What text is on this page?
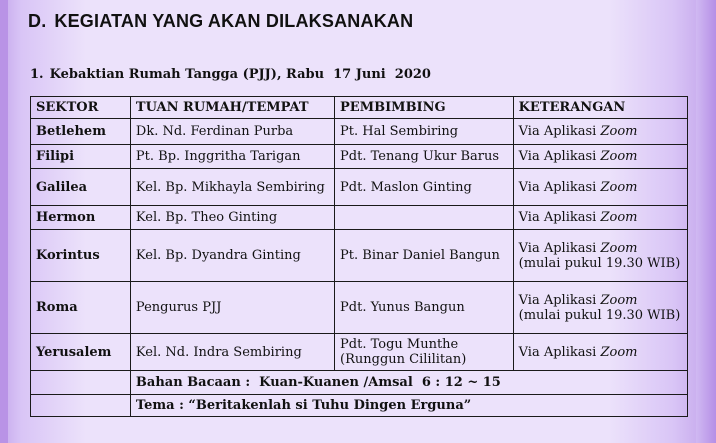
D. KEGIATAN YANG AKAN DILAKSANAKAN
1. Kebaktian Rumah Tangga (PJJ), Rabu  17 Juni  2020
SEKTOR	TUAN RUMAH/TEMPAT	PEMBIMBING	KETERANGAN
Betlehem	Dk. Nd. Ferdinan Purba	Pt. Hal Sembiring	Via Aplikasi Zoom
Filipi	Pt. Bp. Inggritha Tarigan	Pdt. Tenang Ukur Barus	Via Aplikasi Zoom
Galilea	Kel. Bp. Mikhayla Sembiring	Pdt. Maslon Ginting	Via Aplikasi Zoom
Hermon	Kel. Bp. Theo Ginting		Via Aplikasi Zoom
Korintus	Kel. Bp. Dyandra Ginting	Pt. Binar Daniel Bangun	Via Aplikasi Zoom
(mulai pukul 19.30 WIB)
Roma	Pengurus PJJ	Pdt. Yunus Bangun	Via Aplikasi Zoom
(mulai pukul 19.30 WIB)
Yerusalem	Kel. Nd. Indra Sembiring	Pdt. Togu Munthe (Runggun Cililitan)	Via Aplikasi Zoom
	Bahan Bacaan :  Kuan-Kuanen /Amsal  6 : 12 ~ 15		
	Tema : “Beritakenlah si Tuhu Dingen Erguna”		
